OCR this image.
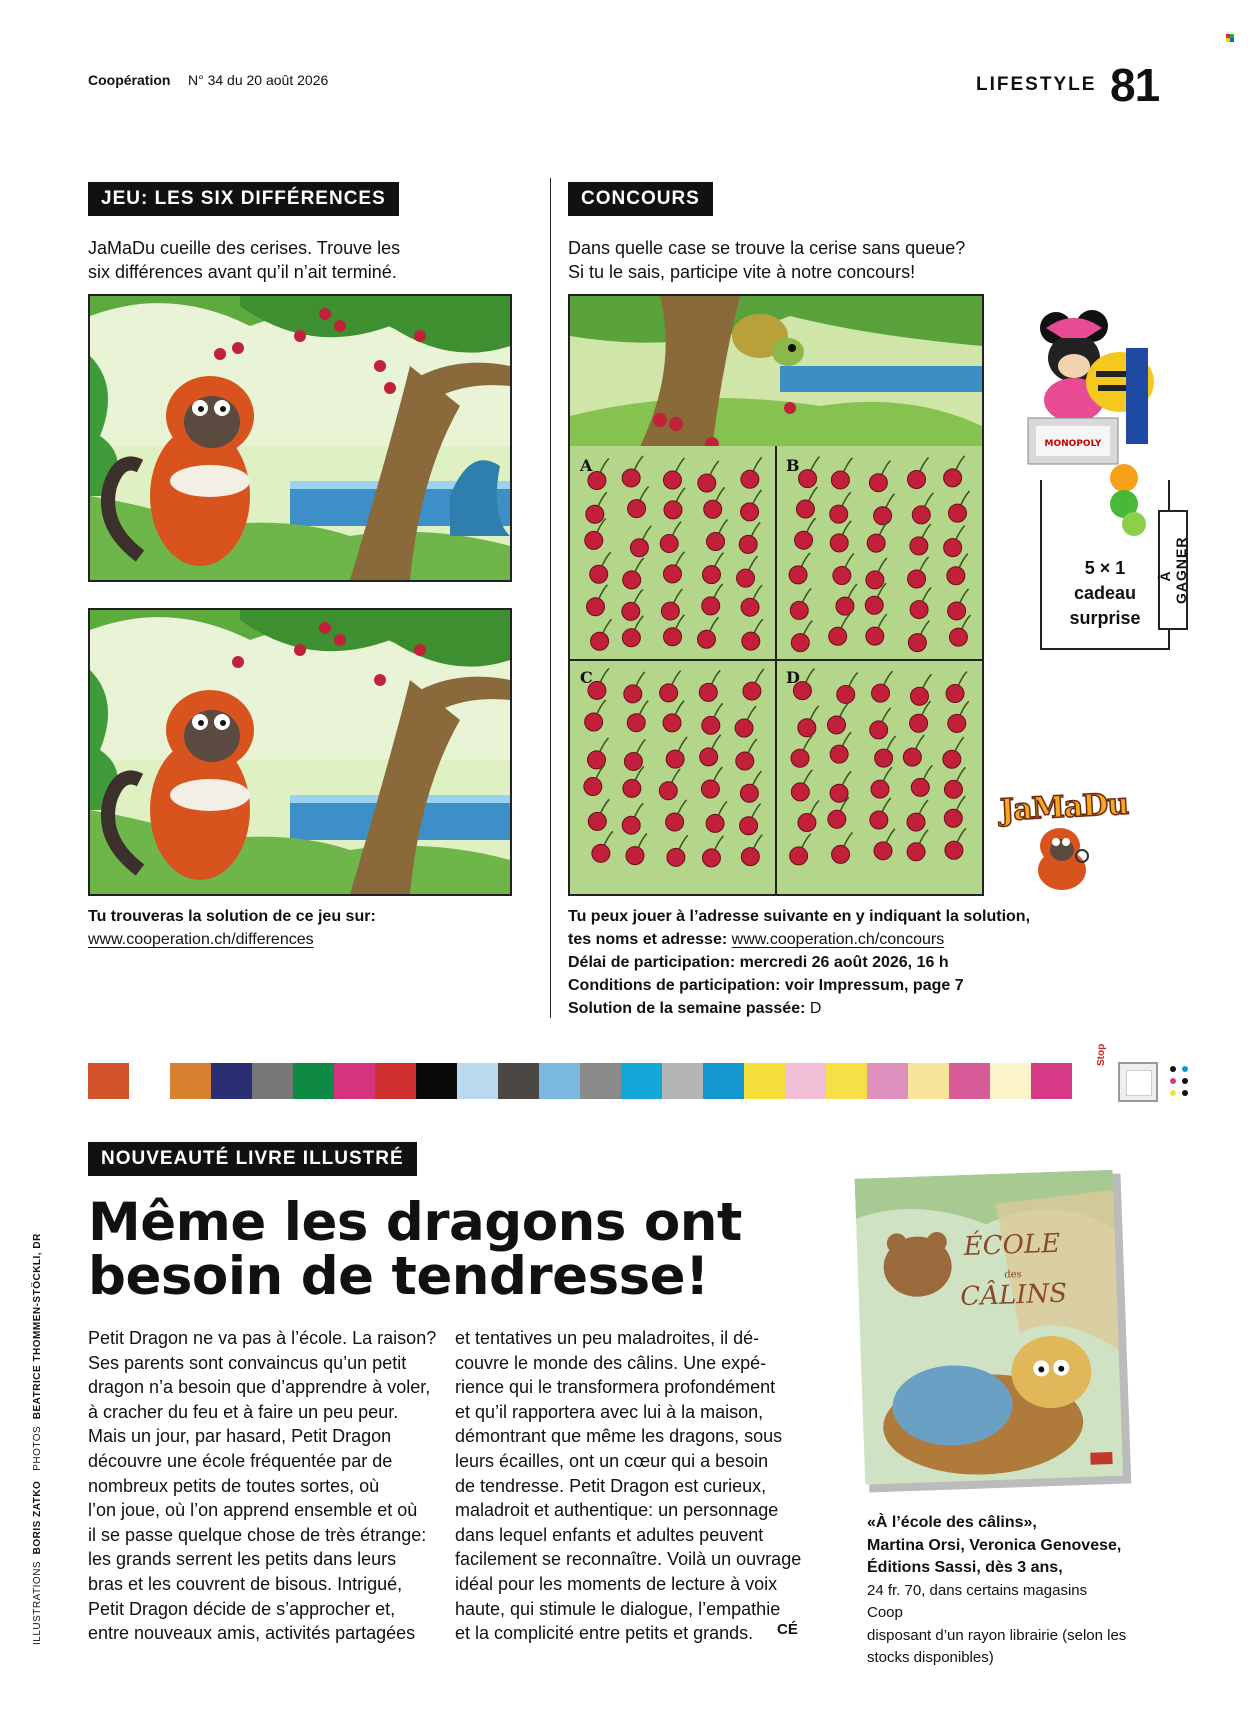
Coopération N° 34 du 20 août 2026	LIFESTYLE 81
JEU: LES SIX DIFFÉRENCES
JaMaDu cueille des cerises. Trouve les
six différences avant qu’il n’ait terminé.
Tu trouveras la solution de ce jeu sur:
www.cooperation.ch/differences
CONCOURS
Dans quelle case se trouve la cerise sans queue?
Si tu le sais, participe vite à notre concours!
A	B
C	D
MONOPOLY
5 × 1
cadeau
surprise
À GAGNER
JaMaDu
Tu peux jouer à l’adresse suivante en y indiquant la solution,
tes noms et adresse: www.cooperation.ch/concours
Délai de participation: mercredi 26 août 2026, 16 h
Conditions de participation: voir Impressum, page 7
Solution de la semaine passée: D
Stop
NOUVEAUTÉ LIVRE ILLUSTRÉ
Même les dragons ont
besoin de tendresse!
Petit Dragon ne va pas à l’école. La raison?
Ses parents sont convaincus qu’un petit
dragon n’a besoin que d’apprendre à voler,
à cracher du feu et à faire un peu peur.
Mais un jour, par hasard, Petit Dragon
découvre une école fréquentée par de
nombreux petits de toutes sortes, où
l’on joue, où l’on apprend ensemble et où
il se passe quelque chose de très étrange:
les grands serrent les petits dans leurs
bras et les couvrent de bisous. Intrigué,
Petit Dragon décide de s’approcher et,
entre nouveaux amis, activités partagées
et tentatives un peu maladroites, il dé-
couvre le monde des câlins. Une expé-
rience qui le transformera profondément
et qu’il rapportera avec lui à la maison,
démontrant que même les dragons, sous
leurs écailles, ont un cœur qui a besoin
de tendresse. Petit Dragon est curieux,
maladroit et authentique: un personnage
dans lequel enfants et adultes peuvent
facilement se reconnaître. Voilà un ouvrage
idéal pour les moments de lecture à voix
haute, qui stimule le dialogue, l’empathie
et la complicité entre petits et grands.	CÉ
ÉCOLE
des
CÂLINS
«À l’école des câlins»,
Martina Orsi, Veronica Genovese,
Éditions Sassi, dès 3 ans,
24 fr. 70, dans certains magasins Coop
disposant d’un rayon librairie (selon les
stocks disponibles)
ILLUSTRATIONS  BORIS ZATKO   PHOTOS  BEATRICE THOMMEN-STÖCKLI, DR
